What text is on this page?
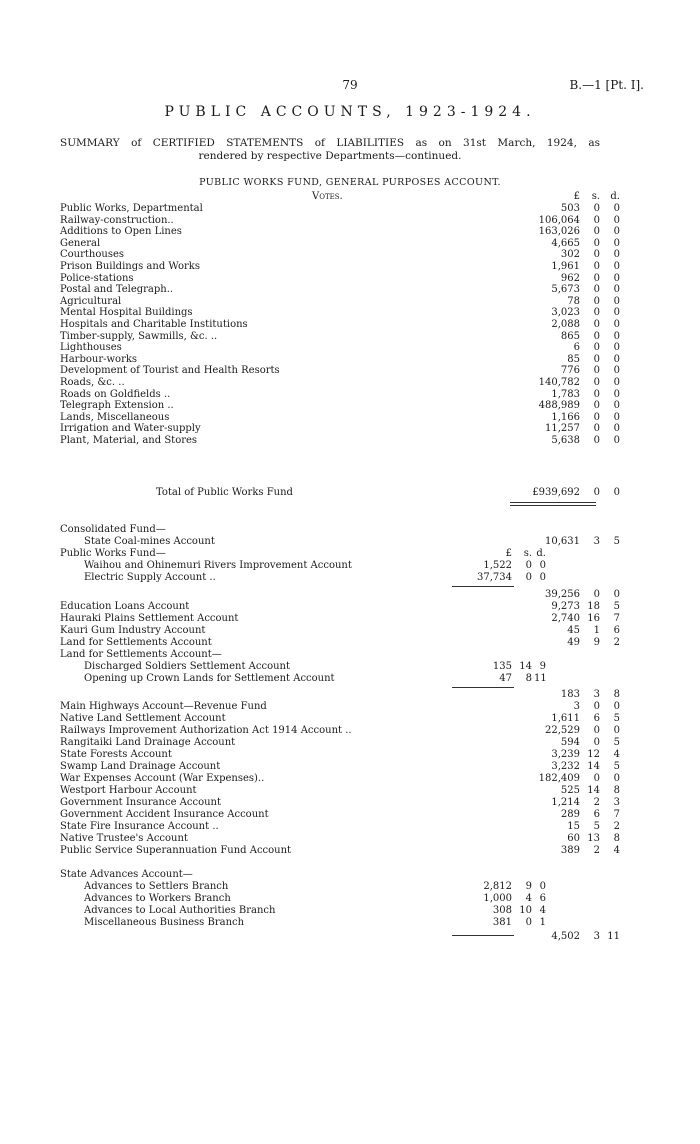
79	B.—1 [Pt. I].
PUBLIC ACCOUNTS, 1923-1924.
SUMMARY of CERTIFIED STATEMENTS of LIABILITIES as on 31st March, 1924, as
rendered by respective Departments—continued.
PUBLIC WORKS FUND, GENERAL PURPOSES ACCOUNT.
Votes.	£	s.	d.
Public Works, Departmental	503	0	0
Railway-construction..	106,064	0	0
Additions to Open Lines	163,026	0	0
General	4,665	0	0
Courthouses	302	0	0
Prison Buildings and Works	1,961	0	0
Police-stations	962	0	0
Postal and Telegraph..	5,673	0	0
Agricultural	78	0	0
Mental Hospital Buildings	3,023	0	0
Hospitals and Charitable Institutions	2,088	0	0
Timber-supply, Sawmills, &c. ..	865	0	0
Lighthouses	6	0	0
Harbour-works	85	0	0
Development of Tourist and Health Resorts	776	0	0
Roads, &c. ..	140,782	0	0
Roads on Goldfields ..	1,783	0	0
Telegraph Extension ..	488,989	0	0
Lands, Miscellaneous	1,166	0	0
Irrigation and Water-supply	11,257	0	0
Plant, Material, and Stores	5,638	0	0
Total of Public Works Fund	£939,692	0	0
Consolidated Fund—
State Coal-mines Account	10,631	3	5
Public Works Fund—	£	s. d.
Waihou and Ohinemuri Rivers Improvement Account	1,522	0 0
Electric Supply Account ..	37,734	0 0
39,256	0	0
Education Loans Account	9,273 18	5
Hauraki Plains Settlement Account	2,740 16	7
Kauri Gum Industry Account	45	1	6
Land for Settlements Account	49	9	2
Land for Settlements Account—
Discharged Soldiers Settlement Account	135 14 9
Opening up Crown Lands for Settlement Account	47	8 11
183	3	8
Main Highways Account—Revenue Fund	3	0	0
Native Land Settlement Account	1,611	6	5
Railways Improvement Authorization Act 1914 Account ..	22,529	0	0
Rangitaiki Land Drainage Account	594	0	5
State Forests Account	3,239 12	4
Swamp Land Drainage Account	3,232 14	5
War Expenses Account (War Expenses)..	182,409	0	0
Westport Harbour Account	525 14	8
Government Insurance Account	1,214	2	3
Government Accident Insurance Account	289	6	7
State Fire Insurance Account ..	15	5	2
Native Trustee's Account	60 13	8
Public Service Superannuation Fund Account	389	2	4
State Advances Account—
Advances to Settlers Branch	2,812	9 0
Advances to Workers Branch	1,000	4 6
Advances to Local Authorities Branch	308 10 4
Miscellaneous Business Branch	381	0 1
4,502	3 11
